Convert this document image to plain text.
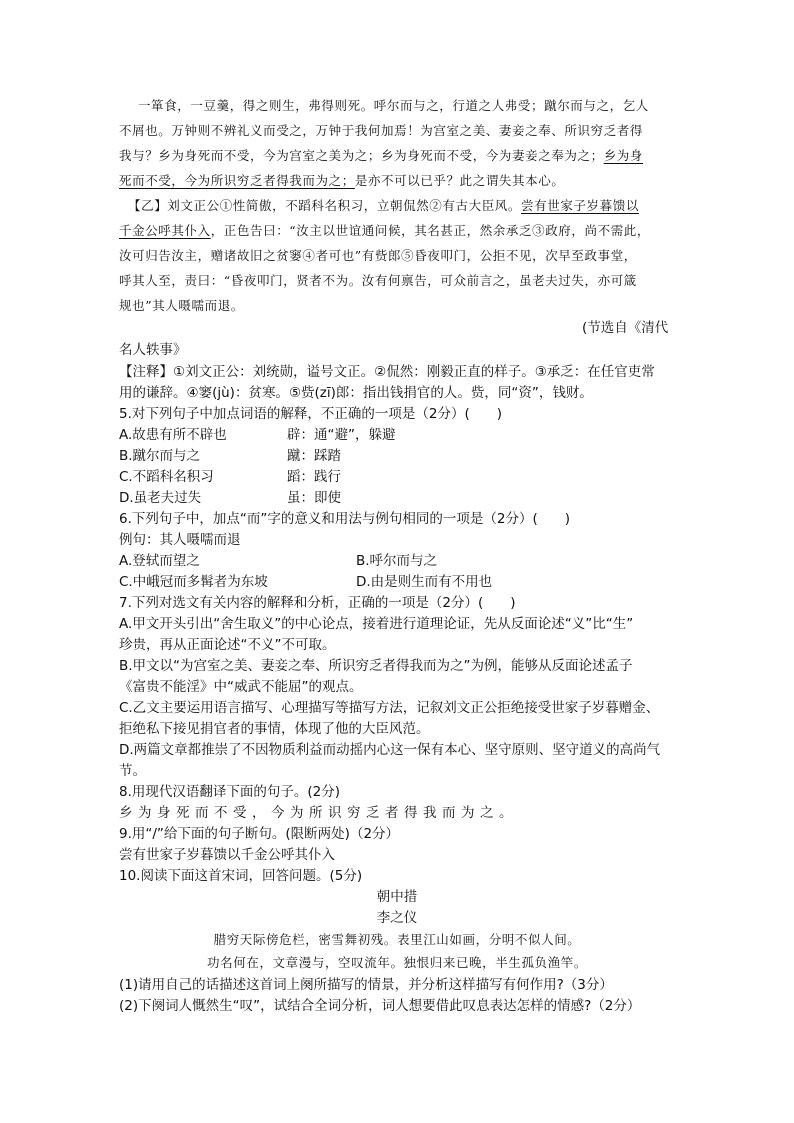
一箪食，一豆羹，得之则生，弗得则死。呼尔而与之，行道之人弗受；蹴尔而与之，乞人
不屑也。万钟则不辨礼义而受之，万钟于我何加焉！为宫室之美、妻妾之奉、所识穷乏者得
我与？乡为身死而不受，今为宫室之美为之；乡为身死而不受，今为妻妾之奉为之；乡为身
死而不受，今为所识穷乏者得我而为之；是亦不可以已乎？此之谓失其本心。
【乙】刘文正公①性简傲，不蹈科名积习，立朝侃然②有古大臣风。尝有世家子岁暮馈以
千金公呼其仆入，正色告曰：“汝主以世谊通问候，其名甚正，然余承乏③政府，尚不需此，
汝可归告汝主，赠诸故旧之贫窭④者可也”有赀郎⑤昏夜叩门，公拒不见，次早至政事堂，
呼其人至，责曰：“昏夜叩门，贤者不为。汝有何禀告，可众前言之，虽老夫过失，亦可箴
规也”其人嗫嚅而退。
(节选自《清代
名人轶事》
【注释】①刘文正公：刘统勋，谥号文正。②侃然：刚毅正直的样子。③承乏：在任官吏常
用的谦辞。④窭(jù)：贫寒。⑤赀(zī)郎：指出钱捐官的人。赀，同“资”，钱财。
5.对下列句子中加点词语的解释，不正确的一项是（2分）(　　)
A.故患有所不辟也	辟：通“避”，躲避
B.蹴尔而与之	蹴：踩踏
C.不蹈科名积习	蹈：践行
D.虽老夫过失	虽：即使
6.下列句子中，加点“而”字的意义和用法与例句相同的一项是（2分）(　　)
例句：其人嗫嚅而退
A.登轼而望之	B.呼尔而与之
C.中峨冠而多髯者为东坡	D.由是则生而有不用也
7.下列对选文有关内容的解释和分析，正确的一项是（2分）(　　)
A.甲文开头引出“舍生取义”的中心论点，接着进行道理论证，先从反面论述“义”比“生”
珍贵，再从正面论述“不义”不可取。
B.甲文以“为宫室之美、妻妾之奉、所识穷乏者得我而为之”为例，能够从反面论述孟子
《富贵不能淫》中“威武不能屈”的观点。
C.乙文主要运用语言描写、心理描写等描写方法，记叙刘文正公拒绝接受世家子岁暮赠金、
拒绝私下接见捐官者的事情，体现了他的大臣风范。
D.两篇文章都推崇了不因物质利益而动摇内心这一保有本心、坚守原则、坚守道义的高尚气
节。
8.用现代汉语翻译下面的句子。(2分)
乡为身死而不受，今为所识穷乏者得我而为之。
9.用“/”给下面的句子断句。(限断两处)（2分）
尝有世家子岁暮馈以千金公呼其仆入
10.阅读下面这首宋词，回答问题。(5分)
朝中措
李之仪
腊穷天际傍危栏，密雪舞初残。表里江山如画，分明不似人间。
功名何在，文章漫与，空叹流年。独恨归来已晚，半生孤负渔竿。
(1)请用自己的话描述这首词上阕所描写的情景，并分析这样描写有何作用?（3分）
(2)下阕词人慨然生“叹”，试结合全词分析，词人想要借此叹息表达怎样的情感?（2分）
